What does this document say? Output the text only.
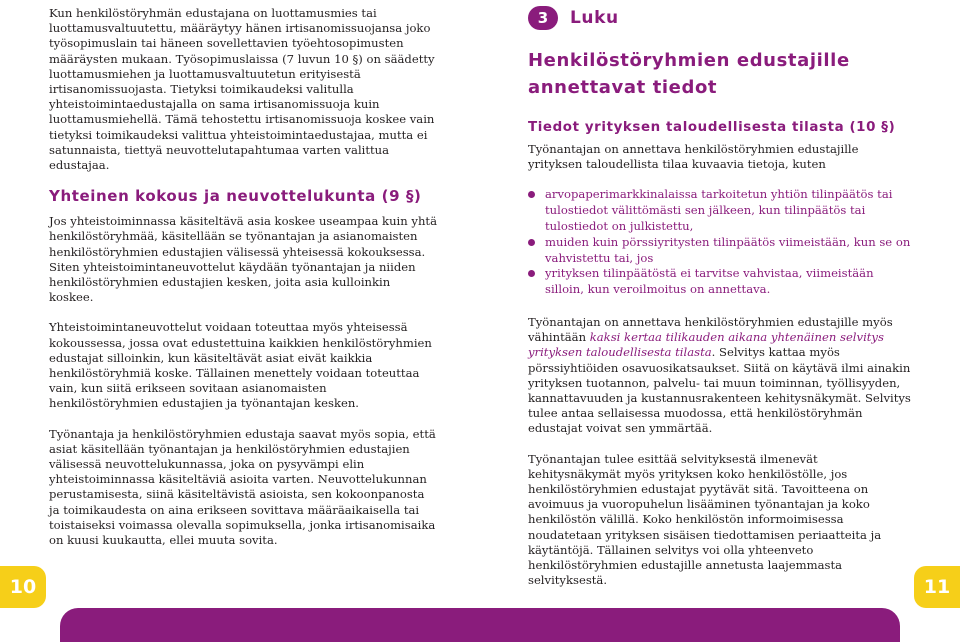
Kun henkilöstöryhmän edustajana on luottamusmies tai luottamusvaltuutettu, määräytyy hänen irtisanomissuojansa joko työsopimuslain tai häneen sovellettavien työehtosopimusten määräysten mukaan. Työsopimuslaissa (7 luvun 10 §) on säädetty luottamusmiehen ja luottamusvaltuutetun erityisestä irtisanomissuojasta. Tietyksi toimikaudeksi valitulla yhteistoimintaedustajalla on sama irtisanomissuoja kuin luottamusmiehellä. Tämä tehostettu irtisanomissuoja koskee vain tietyksi toimikaudeksi valittua yhteistoimintaedustajaa, mutta ei satunnaista, tiettyä neuvottelutapahtumaa varten valittua edustajaa.

Yhteinen kokous ja neuvottelukunta (9 §)

Jos yhteistoiminnassa käsiteltävä asia koskee useampaa kuin yhtä henkilöstöryhmää, käsitellään se työnantajan ja asianomaisten henkilöstöryhmien edustajien välisessä yhteisessä kokouksessa. Siten yhteistoimintaneuvottelut käydään työnantajan ja niiden henkilöstöryhmien edustajien kesken, joita asia kulloinkin koskee.

Yhteistoimintaneuvottelut voidaan toteuttaa myös yhteisessä kokoussessa, jossa ovat edustettuina kaikkien henkilöstöryhmien edustajat silloinkin, kun käsiteltävät asiat eivät kaikkia henkilöstöryhmiä koske. Tällainen menettely voidaan toteuttaa vain, kun siitä erikseen sovitaan asianomaisten henkilöstöryhmien edustajien ja työnantajan kesken.

Työnantaja ja henkilöstöryhmien edustaja saavat myös sopia, että asiat käsitellään työnantajan ja henkilöstöryhmien edustajien välisessä neuvottelukunnassa, joka on pysyvämpi elin yhteistoiminnassa käsiteltäviä asioita varten. Neuvottelukunnan perustamisesta, siinä käsiteltävistä asioista, sen kokoonpanosta ja toimikaudesta on aina erikseen sovittava määräaikaisella tai toistaiseksi voimassa olevalla sopimuksella, jonka irtisanomisaika on kuusi kuukautta, ellei muuta sovita.

3	Luku
Henkilöstöryhmien edustajille annettavat tiedot
Tiedot yrityksen taloudellisesta tilasta (10 §)

Työnantajan on annettava henkilöstöryhmien edustajille yrityksen taloudellista tilaa kuvaavia tietoja, kuten

arvopaperimarkkinalaissa tarkoitetun yhtiön tilinpäätös tai tulostiedot välittömästi sen jälkeen, kun tilinpäätös tai tulostiedot on julkistettu,
muiden kuin pörssiyritysten tilinpäätös viimeistään, kun se on vahvistettu tai, jos
yrityksen tilinpäätöstä ei tarvitse vahvistaa, viimeistään silloin, kun veroilmoitus on annettava.

Työnantajan on annettava henkilöstöryhmien edustajille myös vähintään kaksi kertaa tilikauden aikana yhtenäinen selvitys yrityksen taloudellisesta tilasta. Selvitys kattaa myös pörssiyhtiöiden osavuosikatsaukset. Siitä on käytävä ilmi ainakin yrityksen tuotannon, palvelu- tai muun toiminnan, työllisyyden, kannattavuuden ja kustannusrakenteen kehitysnäkymät. Selvitys tulee antaa sellaisessa muodossa, että henkilöstöryhmän edustajat voivat sen ymmärtää.

Työnantajan tulee esittää selvityksestä ilmenevät kehitysnäkymät myös yrityksen koko henkilöstölle, jos henkilöstöryhmien edustajat pyytävät sitä. Tavoitteena on avoimuus ja vuoropuhelun lisääminen työnantajan ja koko henkilöstön välillä. Koko henkilöstön informoimisessa noudatetaan yrityksen sisäisen tiedottamisen periaatteita ja käytäntöjä. Tällainen selvitys voi olla yhteenveto henkilöstöryhmien edustajille annetusta laajemmasta selvityksestä.

10	11
